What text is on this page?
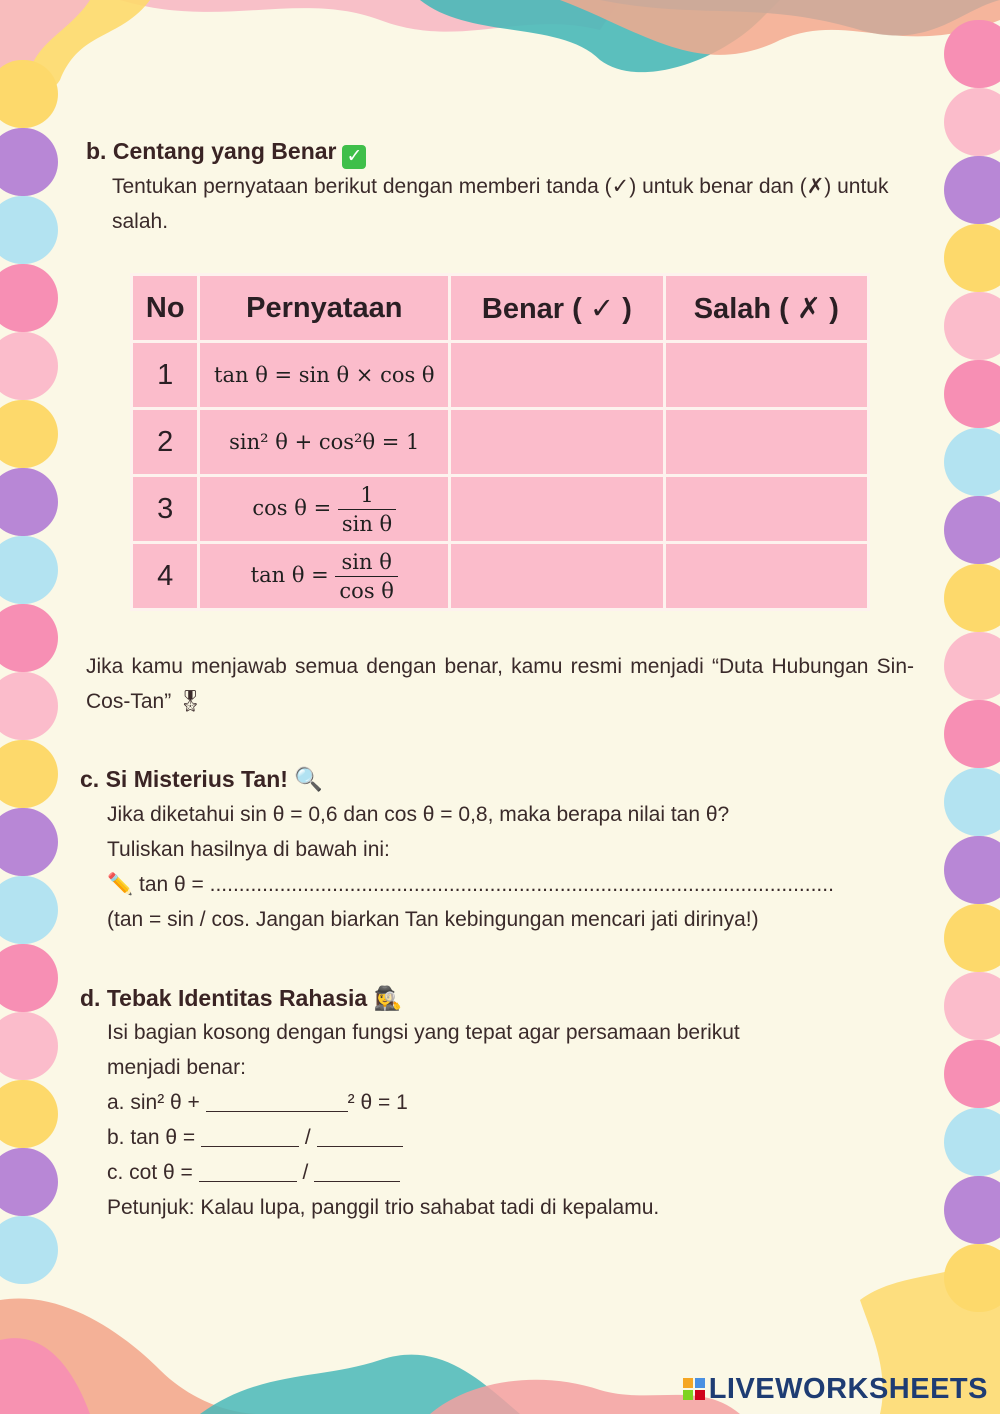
b. Centang yang Benar ✓

Tentukan pernyataan berikut dengan memberi tanda (✓) untuk benar dan (✗) untuk salah.

No	Pernyataan	Benar ( ✓ )	Salah ( ✗ )
1	tan θ = sin θ × cos θ		
2	sin² θ + cos²θ = 1		
3	$\cos \theta = \frac{1}{\text{sin θ}}$

4	$\tan \theta = \frac{\text{sin θ}}{\text{cos θ}}$

Jika kamu menjawab semua dengan benar, kamu resmi menjadi “Duta Hubungan Sin-Cos-Tan” 🎖

c. Si Misterius Tan! 🔍

Jika diketahui sin θ = 0,6 dan cos θ = 0,8, maka berapa nilai tan θ?

Tuliskan hasilnya di bawah ini:

✏️ tan θ = ...........................................................................................................

(tan = sin / cos. Jangan biarkan Tan kebingungan mencari jati dirinya!)

d. Tebak Identitas Rahasia 🕵️‍♀️

Isi bagian kosong dengan fungsi yang tepat agar persamaan berikut

menjadi benar:

a. sin² θ +	² θ = 1

b. tan θ =	/

c. cot θ =	/

Petunjuk: Kalau lupa, panggil trio sahabat tadi di kepalamu.

LIVEWORKSHEETS
